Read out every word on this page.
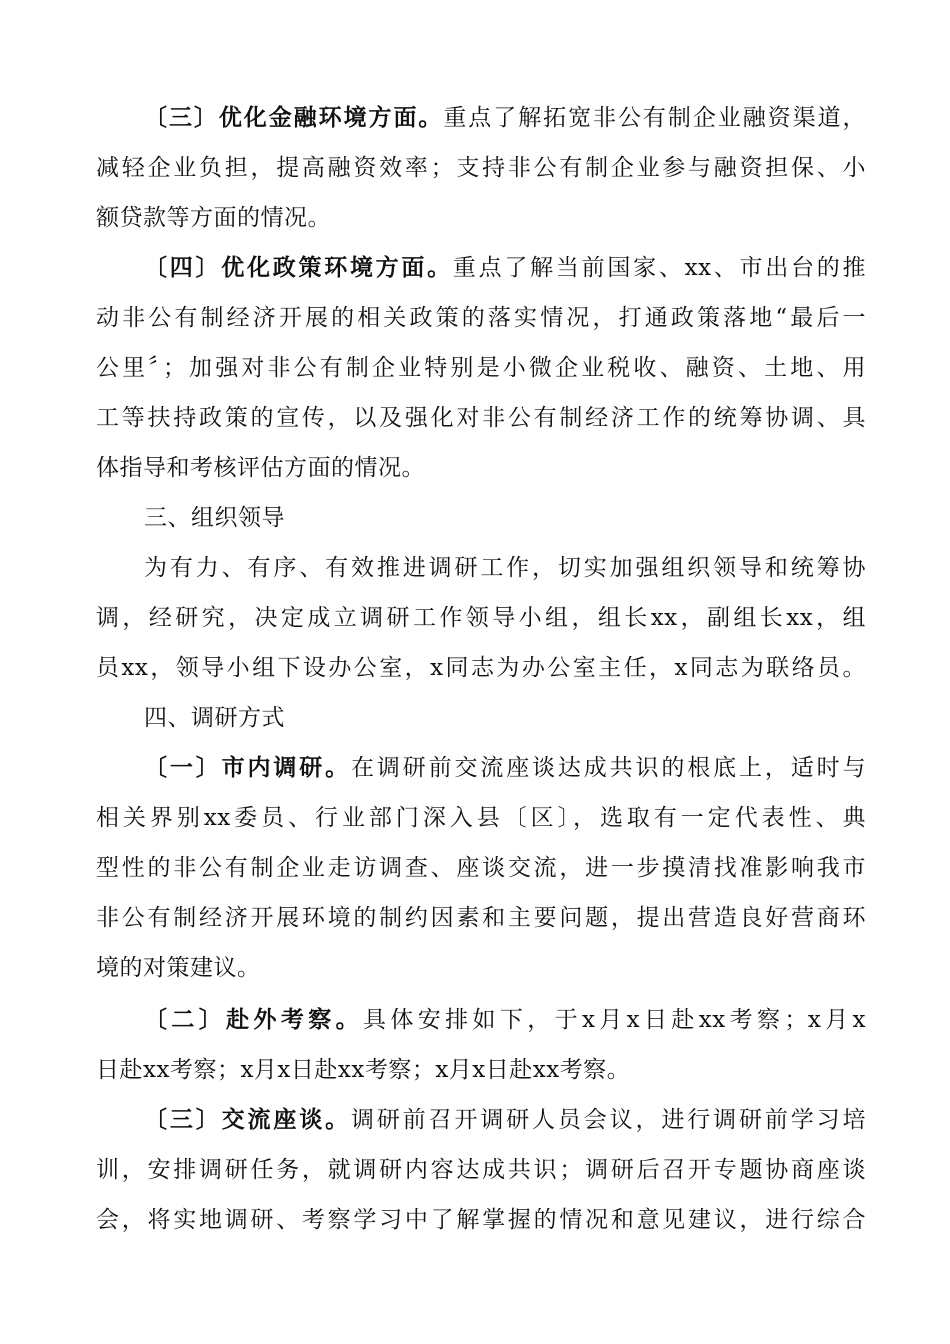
〔三〕优化金融环境方面。重点了解拓宽非公有制企业融资渠道，
减轻企业负担，提高融资效率；支持非公有制企业参与融资担保、小
额贷款等方面的情况。
〔四〕优化政策环境方面。重点了解当前国家、xx、市出台的推
动非公有制经济开展的相关政策的落实情况，打通政策落地“最后一
公里〞；加强对非公有制企业特别是小微企业税收、融资、土地、用
工等扶持政策的宣传，以及强化对非公有制经济工作的统筹协调、具
体指导和考核评估方面的情况。
三、组织领导
为有力、有序、有效推进调研工作，切实加强组织领导和统筹协
调，经研究，决定成立调研工作领导小组，组长xx，副组长xx，组
员xx，领导小组下设办公室，x同志为办公室主任，x同志为联络员。
四、调研方式
〔一〕市内调研。在调研前交流座谈达成共识的根底上，适时与
相关界别xx委员、行业部门深入县〔区〕，选取有一定代表性、典
型性的非公有制企业走访调查、座谈交流，进一步摸清找准影响我市
非公有制经济开展环境的制约因素和主要问题，提出营造良好营商环
境的对策建议。
〔二〕赴外考察。具体安排如下，于x月x日赴xx考察；x月x
日赴xx考察；x月x日赴xx考察；x月x日赴xx考察。
〔三〕交流座谈。调研前召开调研人员会议，进行调研前学习培
训，安排调研任务，就调研内容达成共识；调研后召开专题协商座谈
会，将实地调研、考察学习中了解掌握的情况和意见建议，进行综合
